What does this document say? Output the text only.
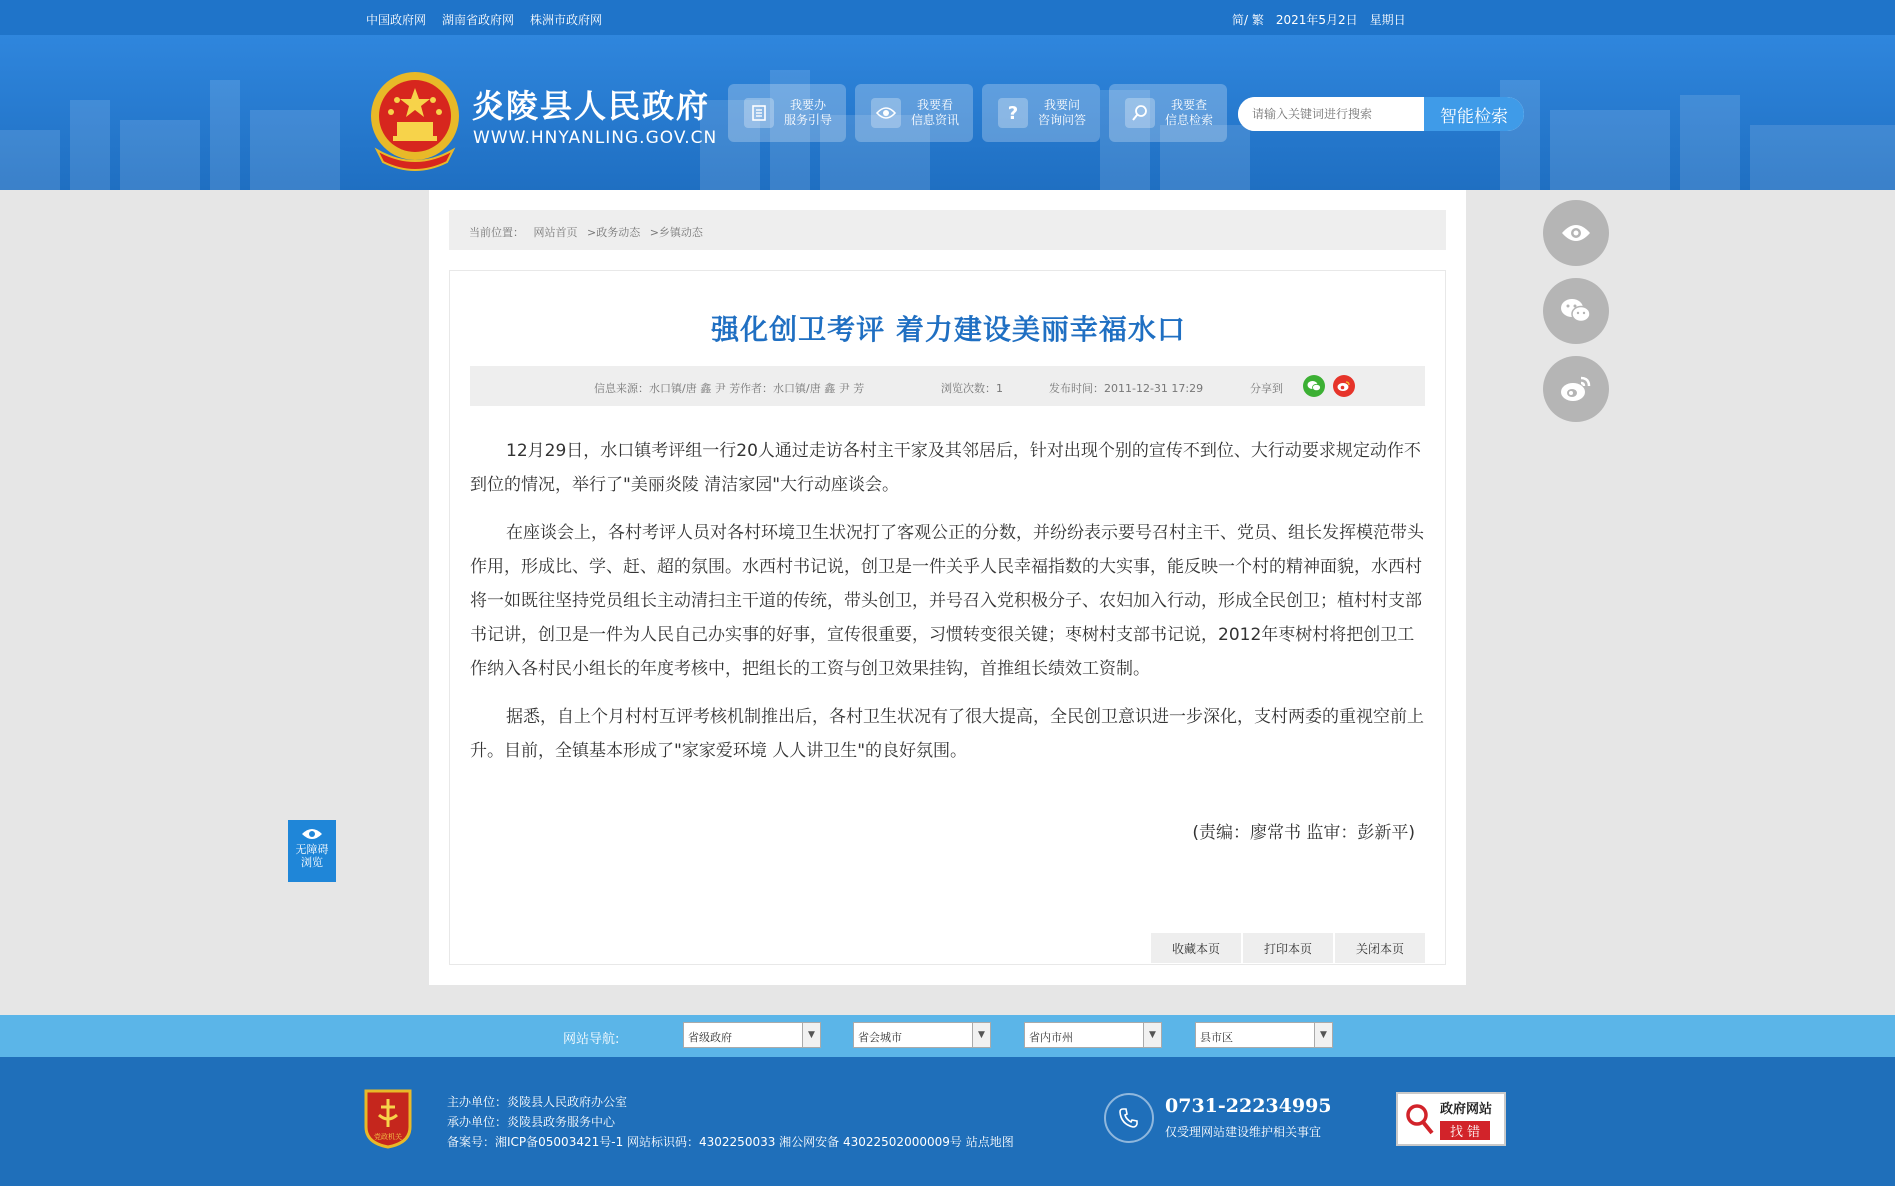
中国政府网 湖南省政府网 株洲市政府网	简/ 繁 2021年5月2日 星期日
炎陵县人民政府
WWW.HNYANLING.GOV.CN
我要办
服务引导
我要看
信息资讯	?	我要问
咨询问答
我要查
信息检索
请输入关键词进行搜索	智能检索
当前位置： 网站首页 >政务动态 >乡镇动态
强化创卫考评 着力建设美丽幸福水口
信息来源：水口镇/唐 鑫 尹 芳 作者：水口镇/唐 鑫 尹 芳	浏览次数：1	发布时间：2011-12-31 17:29	分享到

12月29日，水口镇考评组一行20人通过走访各村主干家及其邻居后，针对出现个别的宣传不到位、大行动要求规定动作不到位的情况，举行了"美丽炎陵 清洁家园"大行动座谈会。

在座谈会上，各村考评人员对各村环境卫生状况打了客观公正的分数，并纷纷表示要号召村主干、党员、组长发挥模范带头作用，形成比、学、赶、超的氛围。水西村书记说，创卫是一件关乎人民幸福指数的大实事，能反映一个村的精神面貌，水西村将一如既往坚持党员组长主动清扫主干道的传统，带头创卫，并号召入党积极分子、农妇加入行动，形成全民创卫；植村村支部书记讲，创卫是一件为人民自己办实事的好事，宣传很重要，习惯转变很关键；枣树村支部书记说，2012年枣树村将把创卫工作纳入各村民小组长的年度考核中，把组长的工资与创卫效果挂钩，首推组长绩效工资制。

据悉，自上个月村村互评考核机制推出后，各村卫生状况有了很大提高，全民创卫意识进一步深化，支村两委的重视空前上升。目前，全镇基本形成了"家家爱环境 人人讲卫生"的良好氛围。

(责编：廖常书 监审：彭新平)
收藏本页	打印本页	关闭本页
无障碍
浏览
网站导航:	省级政府	▼	省会城市	▼	省内市州	▼	县市区	▼
党政机关
主办单位：炎陵县人民政府办公室
承办单位：炎陵县政务服务中心
备案号：湘ICP备05003421号-1 网站标识码：4302250033 湘公网安备 43022502000009号 站点地图
0731-22234995
仅受理网站建设维护相关事宜
政府网站
找 错
